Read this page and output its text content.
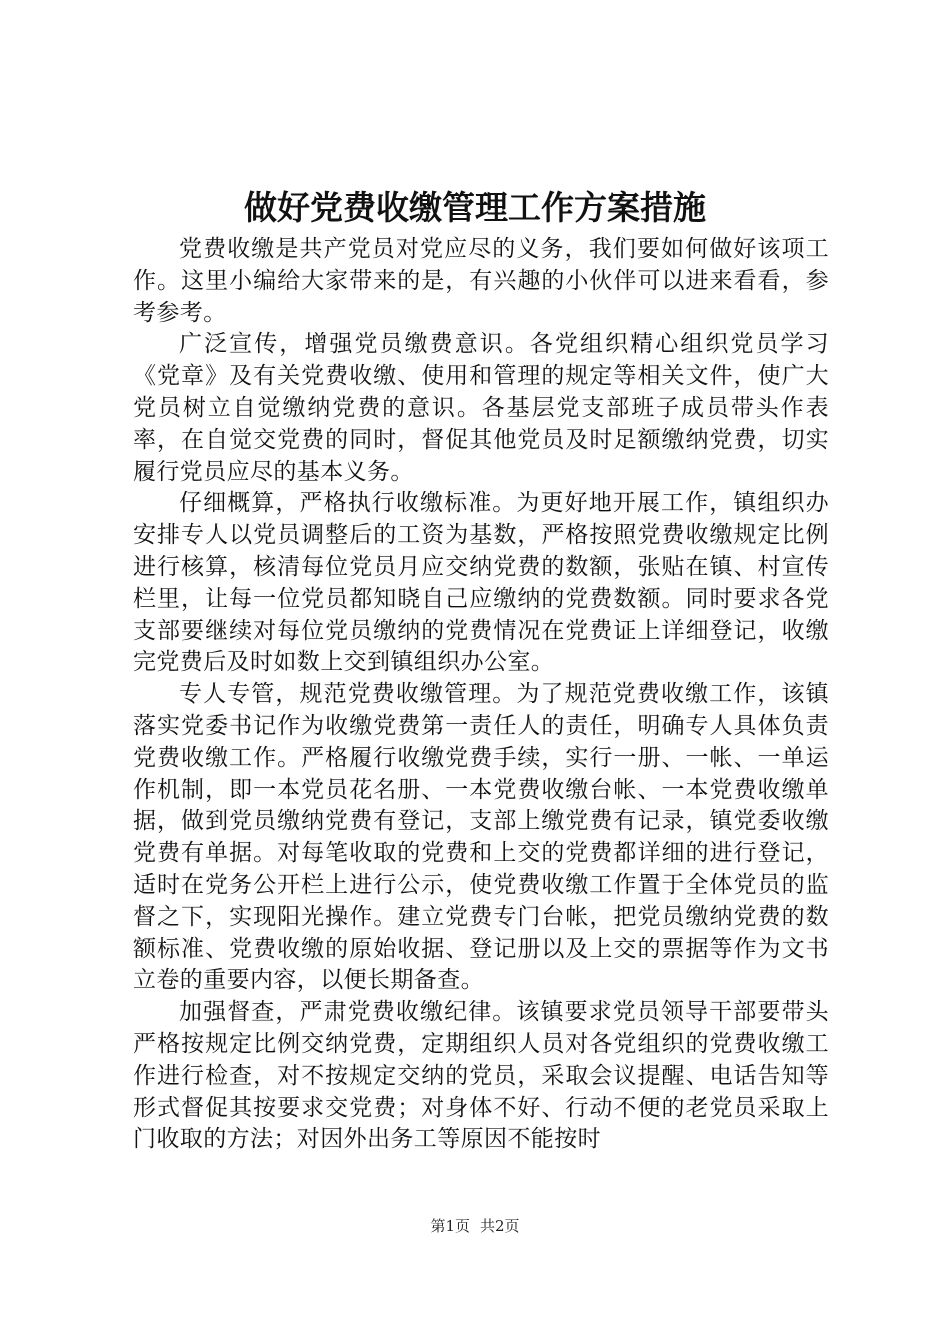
做好党费收缴管理工作方案措施

党费收缴是共产党员对党应尽的义务，我们要如何做好该项工作。这里小编给大家带来的是，有兴趣的小伙伴可以进来看看，参考参考。

广泛宣传，增强党员缴费意识。各党组织精心组织党员学习《党章》及有关党费收缴、使用和管理的规定等相关文件，使广大党员树立自觉缴纳党费的意识。各基层党支部班子成员带头作表率，在自觉交党费的同时，督促其他党员及时足额缴纳党费，切实履行党员应尽的基本义务。

仔细概算，严格执行收缴标准。为更好地开展工作，镇组织办安排专人以党员调整后的工资为基数，严格按照党费收缴规定比例进行核算，核清每位党员月应交纳党费的数额，张贴在镇、村宣传栏里，让每一位党员都知晓自己应缴纳的党费数额。同时要求各党支部要继续对每位党员缴纳的党费情况在党费证上详细登记，收缴完党费后及时如数上交到镇组织办公室。

专人专管，规范党费收缴管理。为了规范党费收缴工作，该镇落实党委书记作为收缴党费第一责任人的责任，明确专人具体负责党费收缴工作。严格履行收缴党费手续，实行一册、一帐、一单运作机制，即一本党员花名册、一本党费收缴台帐、一本党费收缴单据，做到党员缴纳党费有登记，支部上缴党费有记录，镇党委收缴党费有单据。对每笔收取的党费和上交的党费都详细的进行登记，适时在党务公开栏上进行公示，使党费收缴工作置于全体党员的监督之下，实现阳光操作。建立党费专门台帐，把党员缴纳党费的数额标准、党费收缴的原始收据、登记册以及上交的票据等作为文书立卷的重要内容，以便长期备查。

加强督查，严肃党费收缴纪律。该镇要求党员领导干部要带头严格按规定比例交纳党费，定期组织人员对各党组织的党费收缴工作进行检查，对不按规定交纳的党员，采取会议提醒、电话告知等形式督促其按要求交党费；对身体不好、行动不便的老党员采取上门收取的方法；对因外出务工等原因不能按时

第1页 共2页
